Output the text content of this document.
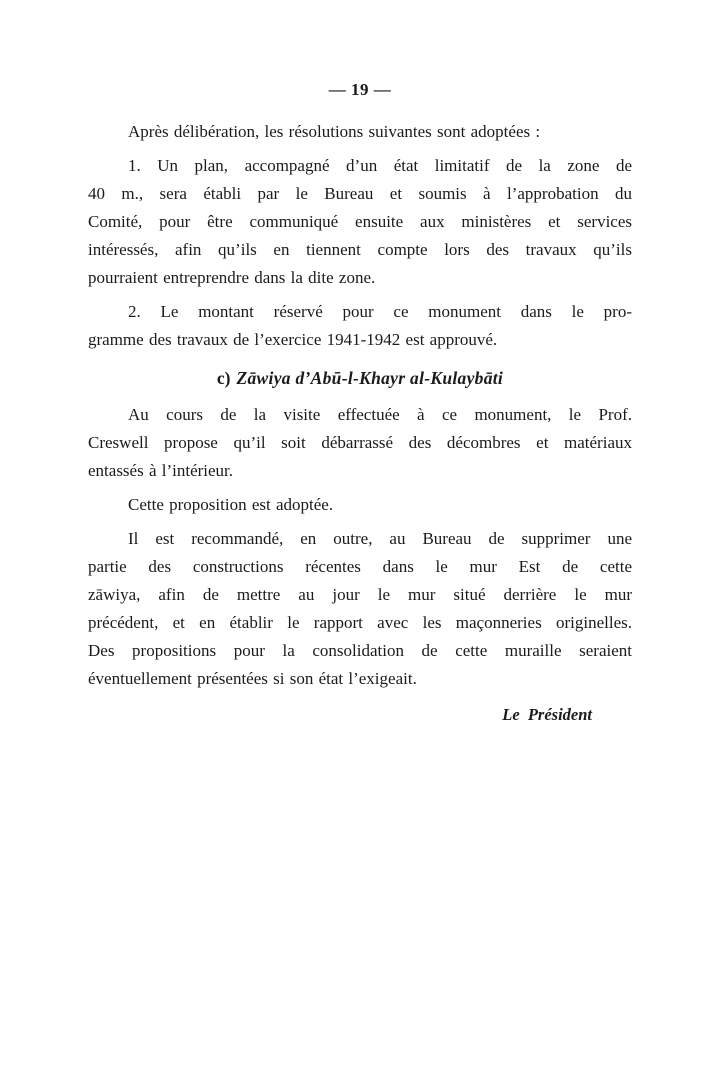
— 19 —
Après délibération, les résolutions suivantes sont adoptées :
1. Un plan, accompagné d’un état limitatif de la zone de
40 m., sera établi par le Bureau et soumis à l’approbation du
Comité, pour être communiqué ensuite aux ministères et services
intéressés, afin qu’ils en tiennent compte lors des travaux qu’ils
pourraient entreprendre dans la dite zone.
2. Le montant réservé pour ce monument dans le pro-
gramme des travaux de l’exercice 1941-1942 est approuvé.
c) Zāwiya d’Abū-l-Khayr al-Kulaybāti
Au cours de la visite effectuée à ce monument, le Prof.
Creswell propose qu’il soit débarrassé des décombres et matériaux
entassés à l’intérieur.
Cette proposition est adoptée.
Il est recommandé, en outre, au Bureau de supprimer une
partie des constructions récentes dans le mur Est de cette
zāwiya, afin de mettre au jour le mur situé derrière le mur
précédent, et en établir le rapport avec les maçonneries originelles.
Des propositions pour la consolidation de cette muraille seraient
éventuellement présentées si son état l’exigeait.
Le Président
